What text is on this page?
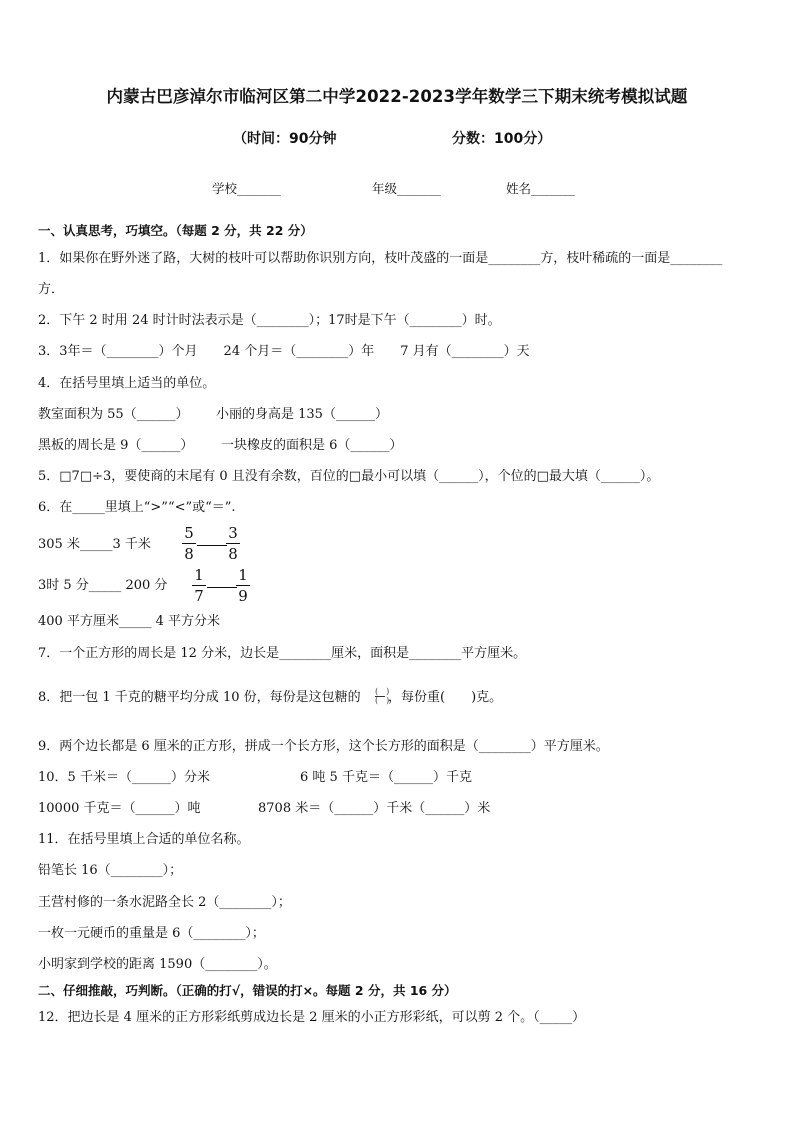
内蒙古巴彦淖尔市临河区第二中学2022-2023学年数学三下期末统考模拟试题
（时间：90分钟	分数：100分）
学校_______	年级_______	姓名_______
一、认真思考，巧填空。（每题 2 分，共 22 分）
1．如果你在野外迷了路，大树的枝叶可以帮助你识别方向，枝叶茂盛的一面是________方，枝叶稀疏的一面是________
方．
2．下午 2 时用 24 时计时法表示是（________）；17时是下午（________）时。
3．3年＝（________）个月　　24 个月＝（________）年　　7 月有（________）天
4．在括号里填上适当的单位。
教室面积为 55（______） 小丽的身高是 135（______）
黑板的周长是 9（______） 一块橡皮的面积是 6（______）
5．□7□÷3，要使商的末尾有 0 且没有余数，百位的□最小可以填（______），个位的□最大填（______）。
6．在_____里填上“>”“<”或“＝”.
305 米_____3 千米
5
8
3
8
3时 5 分_____ 200 分
1
7
1
9
400 平方厘米_____ 4 平方分米
7．一个正方形的周长是 12 分米，边长是________厘米，面积是________平方厘米。
8．把一包 1 千克的糖平均分成 10 份，每份是这包糖的 (　)
(　)
，每份重(　　)克。
9．两个边长都是 6 厘米的正方形，拼成一个长方形，这个长方形的面积是（________）平方厘米。
10．5 千米＝（______）分米	6 吨 5 千克＝（______）千克
10000 千克＝（______）吨	8708 米＝（______）千米（______）米
11．在括号里填上合适的单位名称。
铅笔长 16（________）；
王营村修的一条水泥路全长 2（________）；
一枚一元硬币的重量是 6（________）；
小明家到学校的距离 1590（________）。
二、仔细推敲，巧判断。（正确的打√，错误的打×。每题 2 分，共 16 分）
12．把边长是 4 厘米的正方形彩纸剪成边长是 2 厘米的小正方形彩纸，可以剪 2 个。（_____）
